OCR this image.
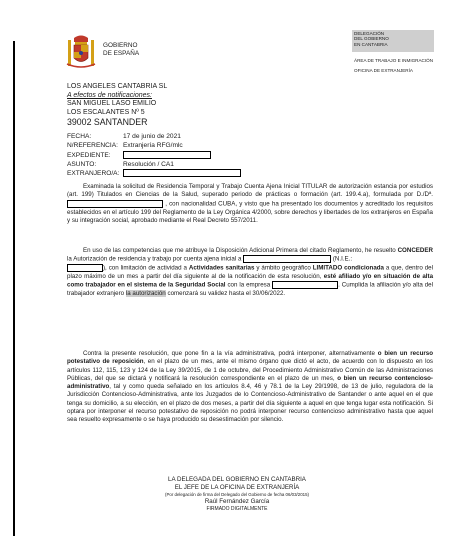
GOBIERNO
DE ESPAÑA
DELEGACIÓN
DEL GOBIERNO
EN CANTABRIA
ÁREA DE TRABAJO E INMIGRACIÓN
OFICINA DE EXTRANJERÍA
LOS ANGELES CANTABRIA SL
A efectos de notificaciones:
SAN MIGUEL LASO EMILIO
LOS ESCALANTES Nº 5
39002 SANTANDER
FECHA:	17 de junio de 2021
N/REFERENCIA: Extranjería RFG/mlc
EXPEDIENTE:
ASUNTO:	Resolución / CA1
EXTRANJERO/A:

Examinada la solicitud de Residencia Temporal y Trabajo Cuenta Ajena Inicial TITULAR de autorización estancia por estudios (art. 199) Titulados en Ciencias de la Salud, superado periodo de prácticas o formación (art. 199.4.a), formulada por D./Dª.  , con nacionalidad CUBA, y visto que ha presentado los documentos y acreditado los requisitos establecidos en el artículo 199 del Reglamento de la Ley Orgánica 4/2000, sobre derechos y libertades de los extranjeros en España y su integración social, aprobado mediante el Real Decreto 557/2011.

En uso de las competencias que me atribuye la Disposición Adicional Primera del citado Reglamento, he resuelto CONCEDER la Autorización de residencia y trabajo por cuenta ajena inicial a	(N.I.E.:
), con limitación de actividad a Actividades sanitarias y ámbito geográfico LIMITADO condicionada a que, dentro del plazo máximo de un mes a partir del día siguiente al de la notificación de esta resolución, esté afiliado y/o en situación de alta como trabajador en el sistema de la Seguridad Social con la empresa	. Cumplida la afiliación y/o alta del trabajador extranjero la autorización comenzará su validez hasta el 30/06/2022.

Contra la presente resolución, que pone fin a la vía administrativa, podrá interponer, alternativamente o bien un recurso potestativo de reposición, en el plazo de un mes, ante el mismo órgano que dictó el acto, de acuerdo con lo dispuesto en los artículos 112, 115, 123 y 124 de la Ley 39/2015, de 1 de octubre, del Procedimiento Administrativo Común de las Administraciones Públicas, del que se dictará y notificará la resolución correspondiente en el plazo de un mes, o bien un recurso contencioso-administrativo, tal y como queda señalado en los artículos 8.4, 46 y 78.1 de la Ley 29/1998, de 13 de julio, reguladora de la Jurisdicción Contencioso-Administrativa, ante los Juzgados de lo Contencioso-Administrativo de Santander o ante aquel en el que tenga su domicilio, a su elección, en el plazo de dos meses, a partir del día siguiente a aquel en que tenga lugar esta notificación. Si optara por interponer el recurso potestativo de reposición no podrá interponer recurso contencioso administrativo hasta que aquel sea resuelto expresamente o se haya producido su desestimación por silencio.

LA DELEGADA DEL GOBIERNO EN CANTABRIA
EL JEFE DE LA OFICINA DE EXTRANJERÍA
(Por delegación de firma del Delegado del Gobierno de fecha 06/03/2015)
Raúl Fernández García
FIRMADO DIGITALMENTE
